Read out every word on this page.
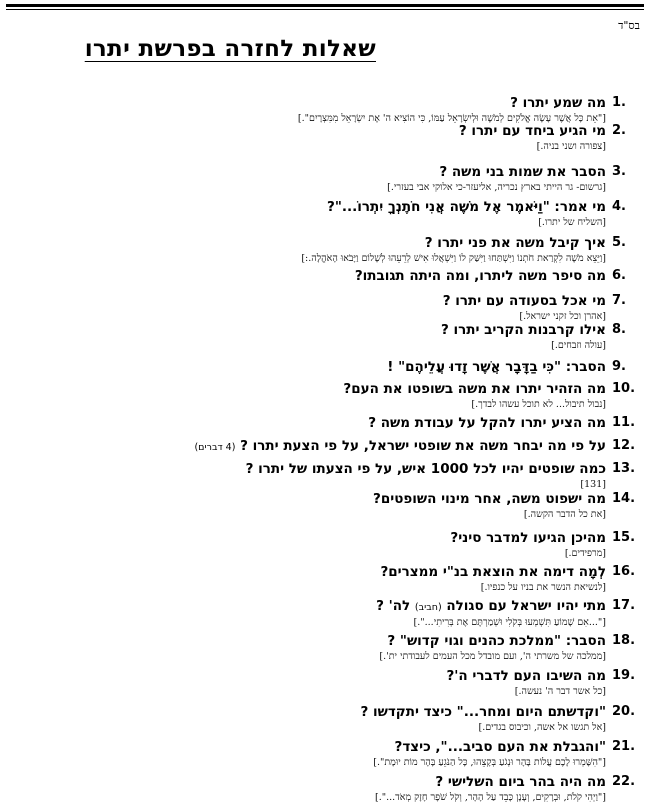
בס"ד
שאלות לחזרה בפרשת יתרו
1.
מה שמע יתרו ?
["אֵת כָּל אֲשֶׁר עָשָׂה אֱלֹקִים לְמֹשֶׁה וּלְיִשְׂרָאֵל עַמּוֹ, כִּי הוֹצִיא ה' אֶת יִשְׂרָאֵל מִמִּצְרָיִם".]
2.
מי הגיע ביחד עם יתרו ?
[צפורה ושני בניה.]
3.
הסבר את שמות בני משה ?
[גרשום- גר הייתי בארץ נכריה, אליעזר-כי אלוקי אבי בעזרי.]
4.
מי אמר: "וַיֹּאמֶר אֶל מֹשֶׁה אֲנִי חֹתֶנְךָ יִתְרוֹ..."?
[השליח של יתרו.]
5.
איך קיבל משה את פני יתרו ?
[וַיֵּצֵא מֹשֶׁה לִקְרַאת חֹתְנוֹ וַיִּשְׁתַּחוּ וַיִּשַּׁק לוֹ וַיִּשְׁאֲלוּ אִישׁ לְרֵעֵהוּ לְשָׁלוֹם וַיָּבֹאוּ הָאֹהֱלָה.:]
6.
מה סיפר משה ליתרו, ומה היתה תגובתו?
7.
מי אכל בסעודה עם יתרו ?
[אהרן וכל זקני ישראל.]
8.
אילו קרבנות הקריב יתרו ?
[עולה וזבחים.]
9.
הסבר: "כִּי בַדָּבָר אֲשֶׁר זָדוּ עֲלֵיהֶם" !
10.
מה הזהיר יתרו את משה בשופטו את העם?
[נבול תיבול... לא תוכל עשהו לבדך.]
11.
מה הציע יתרו להקל על עבודת משה ?
12.
על פי מה יבחר משה את שופטי ישראל, על פי הצעת יתרו ? (4 דברים)
13.
כמה שופטים יהיו לכל 1000 איש, על פי הצעתו של יתרו ?
[131]
14.
מה ישפוט משה, אחר מינוי השופטים?
[את כל הדבר הקשה.]
15.
מהיכן הגיעו למדבר סיני?
[מרפידים.]
16.
לְמָה דימה את הוצאת בנ"י ממצרים?
[לנשיאת הנשר את בניו על כנפיו.]
17.
מתי יהיו ישראל עם סגולה (חביב) לה' ?
["...אִם שָׁמוֹעַ תִּשְׁמְעוּ בְּקֹלִי וּשְׁמַרְתֶּם אֶת בְּרִיתִי...".]
18.
הסבר: "ממלכת כהנים וגוי קדוש" ?
[ממלכה של משרתי ה', ועם מובדל מכל העמים לעבודתי ית'.]
19.
מה השיבו העם לדברי ה'?
[כל אשר דבר ה' נעשה.]
20.
"וקדשתם היום ומחר..." כיצד יתקדשו ?
[אל תגשו אל אשה, וכיבוס בגדים.]
21.
"והגבלת את העם סביב...", כיצד?
["הִשָּׁמְרוּ לָכֶם עֲלוֹת בָּהָר וּנְגֹעַ בְּקָצֵהוּ, כָּל הַנֹּגֵעַ בָּהָר מוֹת יוּמָת".]
22.
מה היה בהר ביום השלישי ?
["וַיְהִי קֹלֹת, וּבְרָקִים, וְעָנָן כָּבֵד עַל הָהָר, וְקֹל שֹׁפָר חָזָק מְאֹד...".]
